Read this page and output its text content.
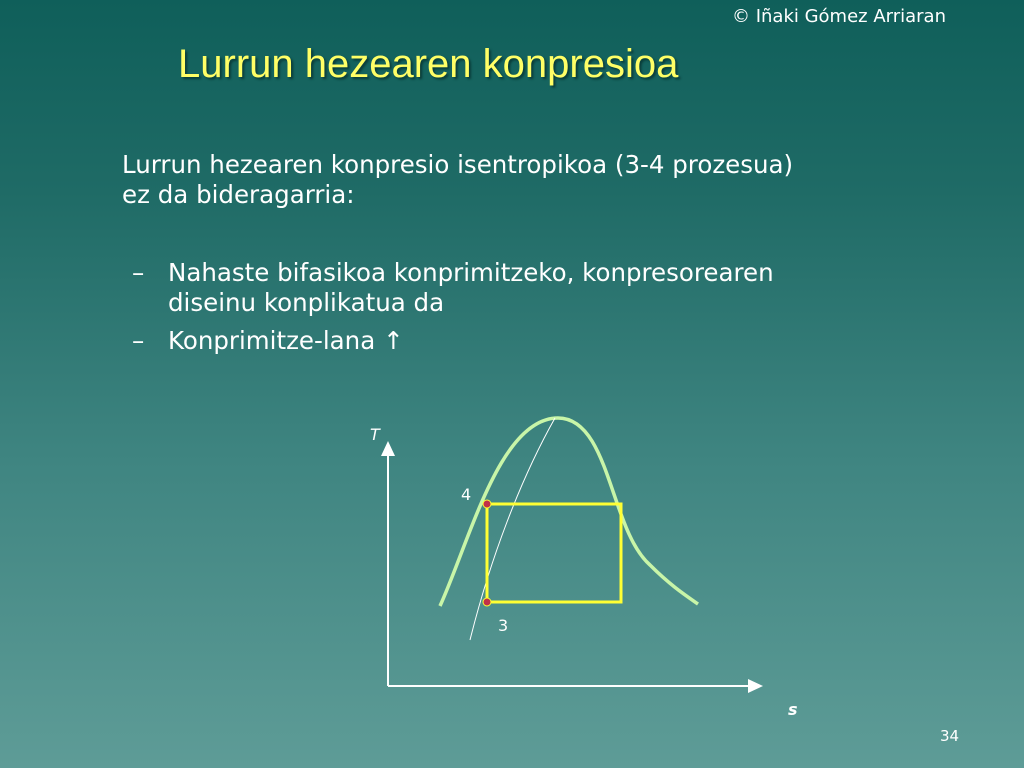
© Iñaki Gómez Arriaran
Lurrun hezearen konpresioa
Lurrun hezearen konpresio isentropikoa (3-4 prozesua)
ez da bideragarria:
– Nahaste bifasikoa konprimitzeko, konpresorearen
diseinu konplikatua da
– Konprimitze-lana ↑
T
s
4
3
34
